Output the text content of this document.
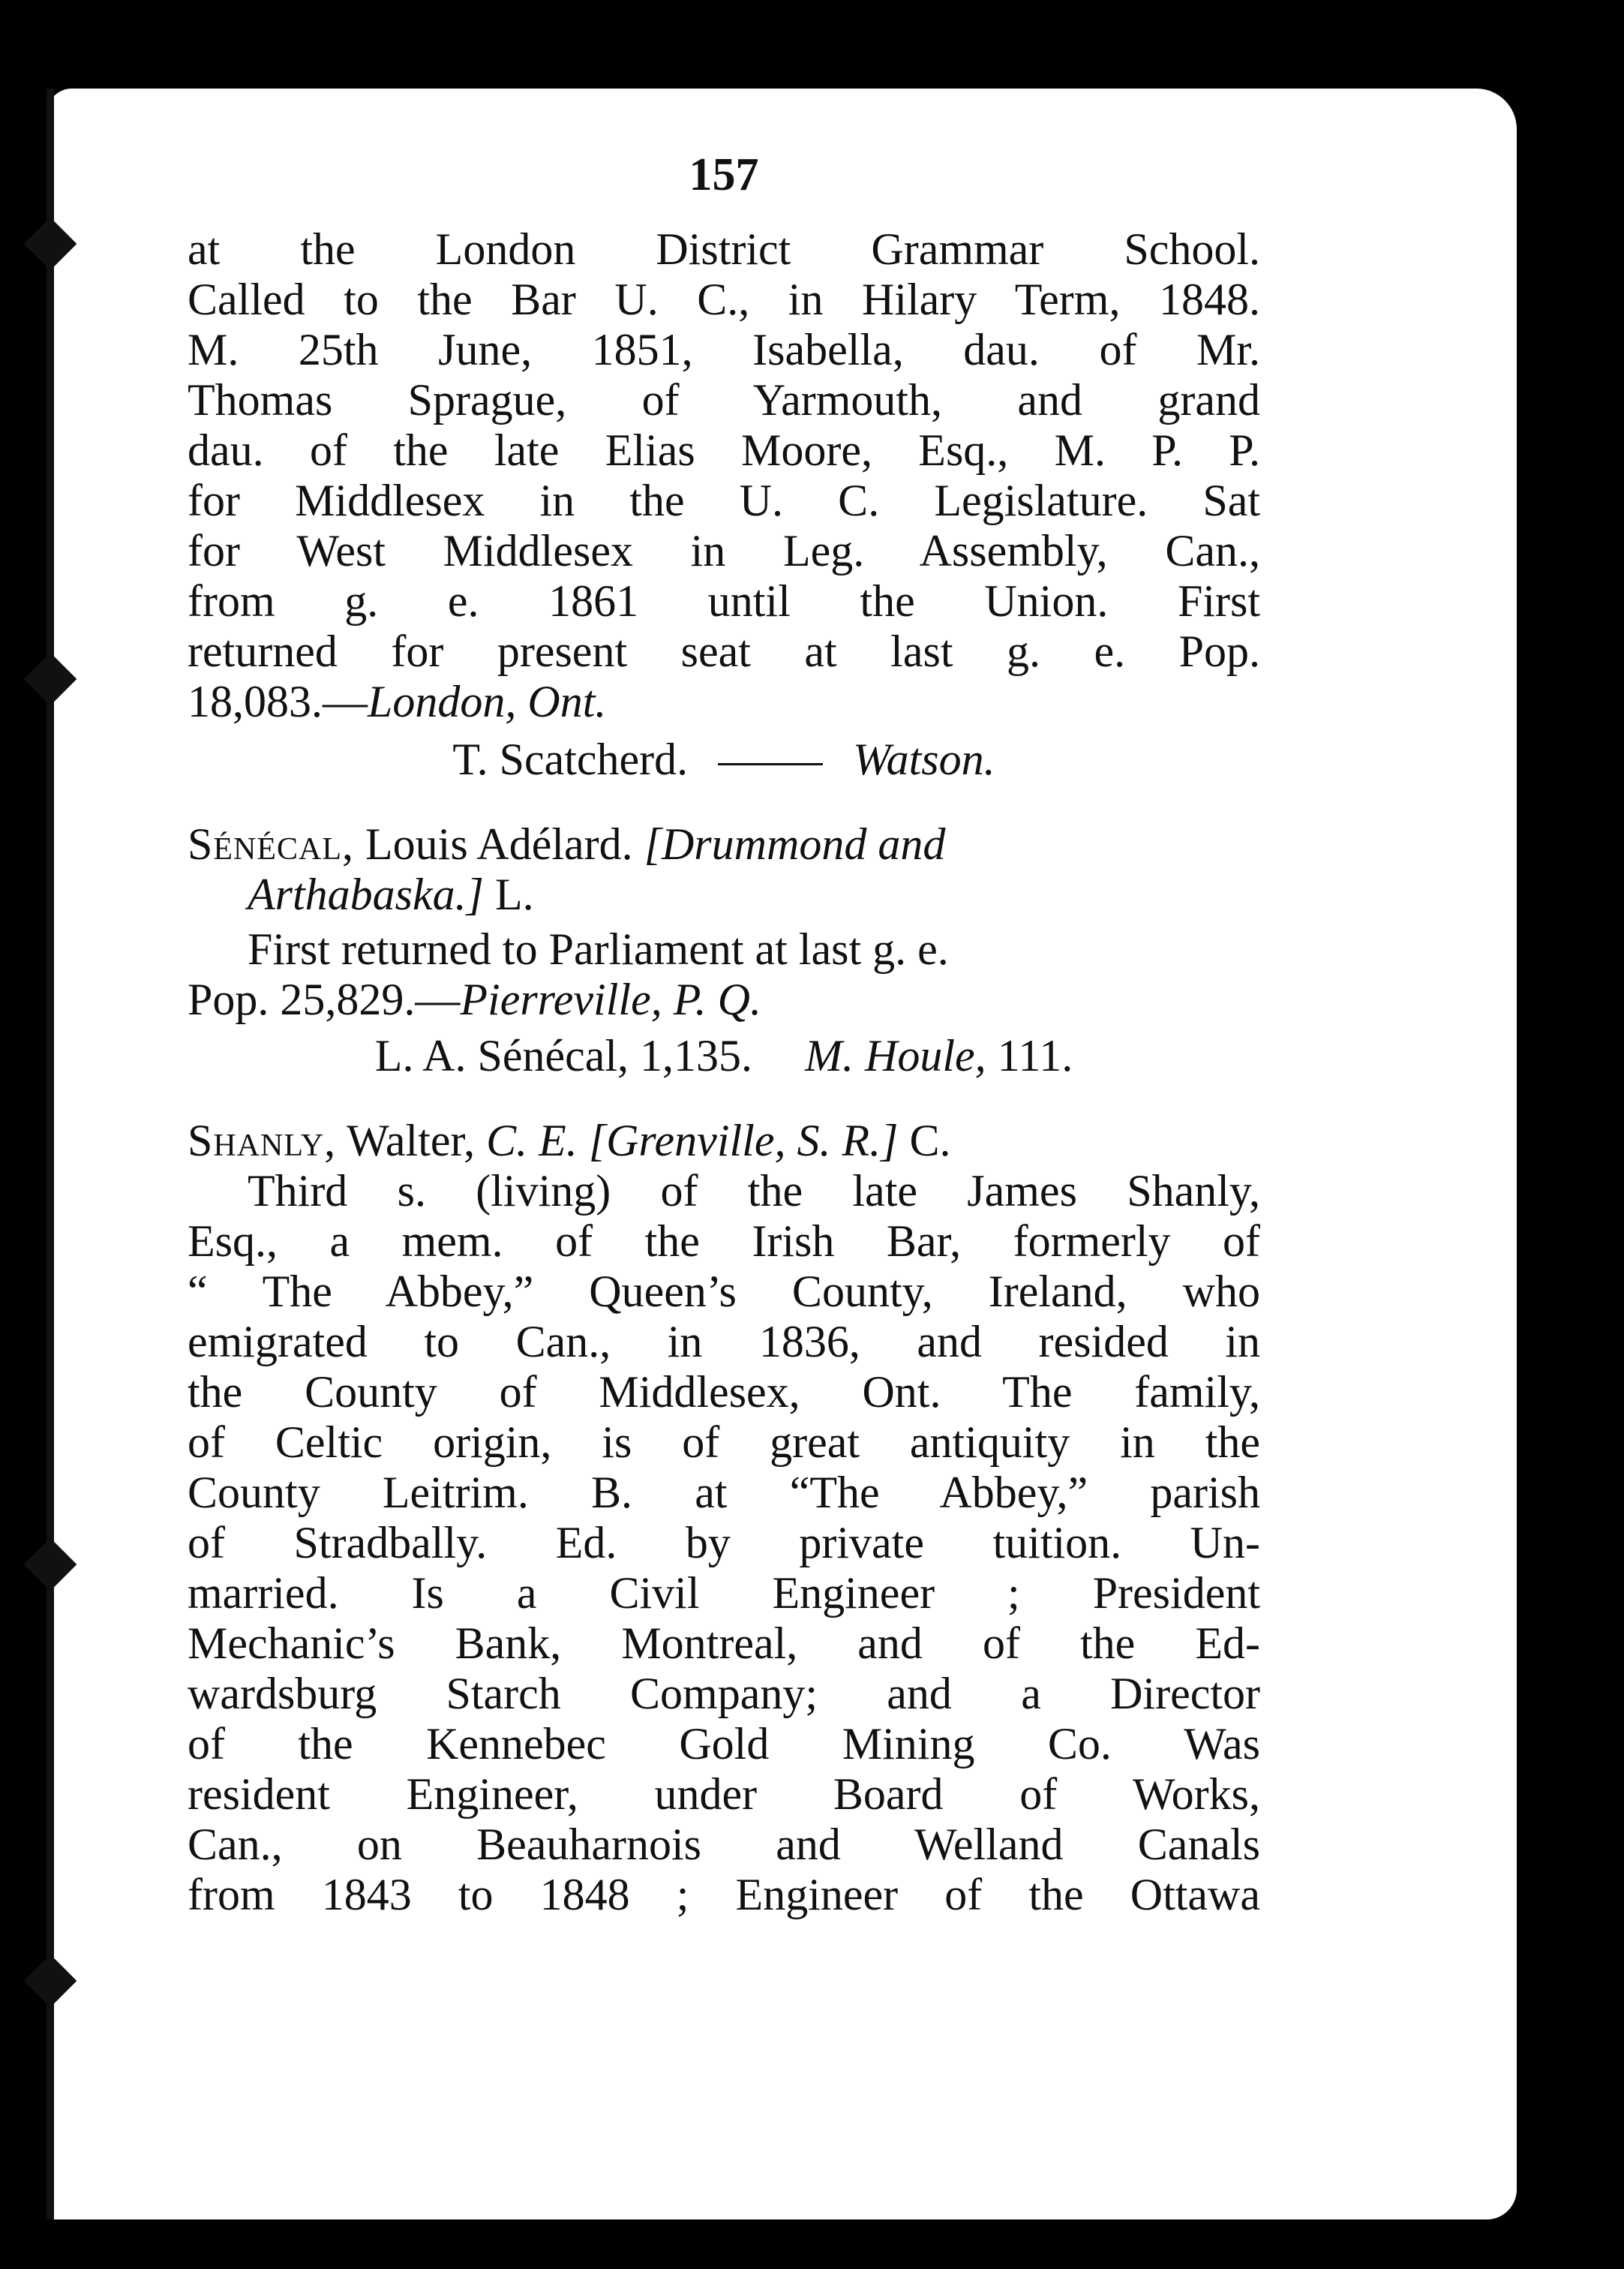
157
at the London District Grammar School.
Called to the Bar U. C., in Hilary Term, 1848.
M. 25th June, 1851, Isabella, dau. of Mr.
Thomas Sprague, of Yarmouth, and grand
dau. of the late Elias Moore, Esq., M. P. P.
for Middlesex in the U. C. Legislature. Sat
for West Middlesex in Leg. Assembly, Can.,
from g. e. 1861 until the Union. First
returned for present seat at last g. e. Pop.
18,083.—London, Ont.
T. Scatcherd.	Watson.
Sénécal, Louis Adélard. [Drummond and
Arthabaska.] L.
First returned to Parliament at last g. e.
Pop. 25,829.—Pierreville, P. Q.
L. A. Sénécal, 1,135. M. Houle, 111.
Shanly, Walter, C. E. [Grenville, S. R.] C.
Third s. (living) of the late James Shanly,
Esq., a mem. of the Irish Bar, formerly of
“ The Abbey,” Queen’s County, Ireland, who
emigrated to Can., in 1836, and resided in
the County of Middlesex, Ont. The family,
of Celtic origin, is of great antiquity in the
County Leitrim. B. at “The Abbey,” parish
of Stradbally. Ed. by private tuition. Un-
married. Is a Civil Engineer ; President
Mechanic’s Bank, Montreal, and of the Ed-
wardsburg Starch Company; and a Director
of the Kennebec Gold Mining Co. Was
resident Engineer, under Board of Works,
Can., on Beauharnois and Welland Canals
from 1843 to 1848 ; Engineer of the Ottawa
